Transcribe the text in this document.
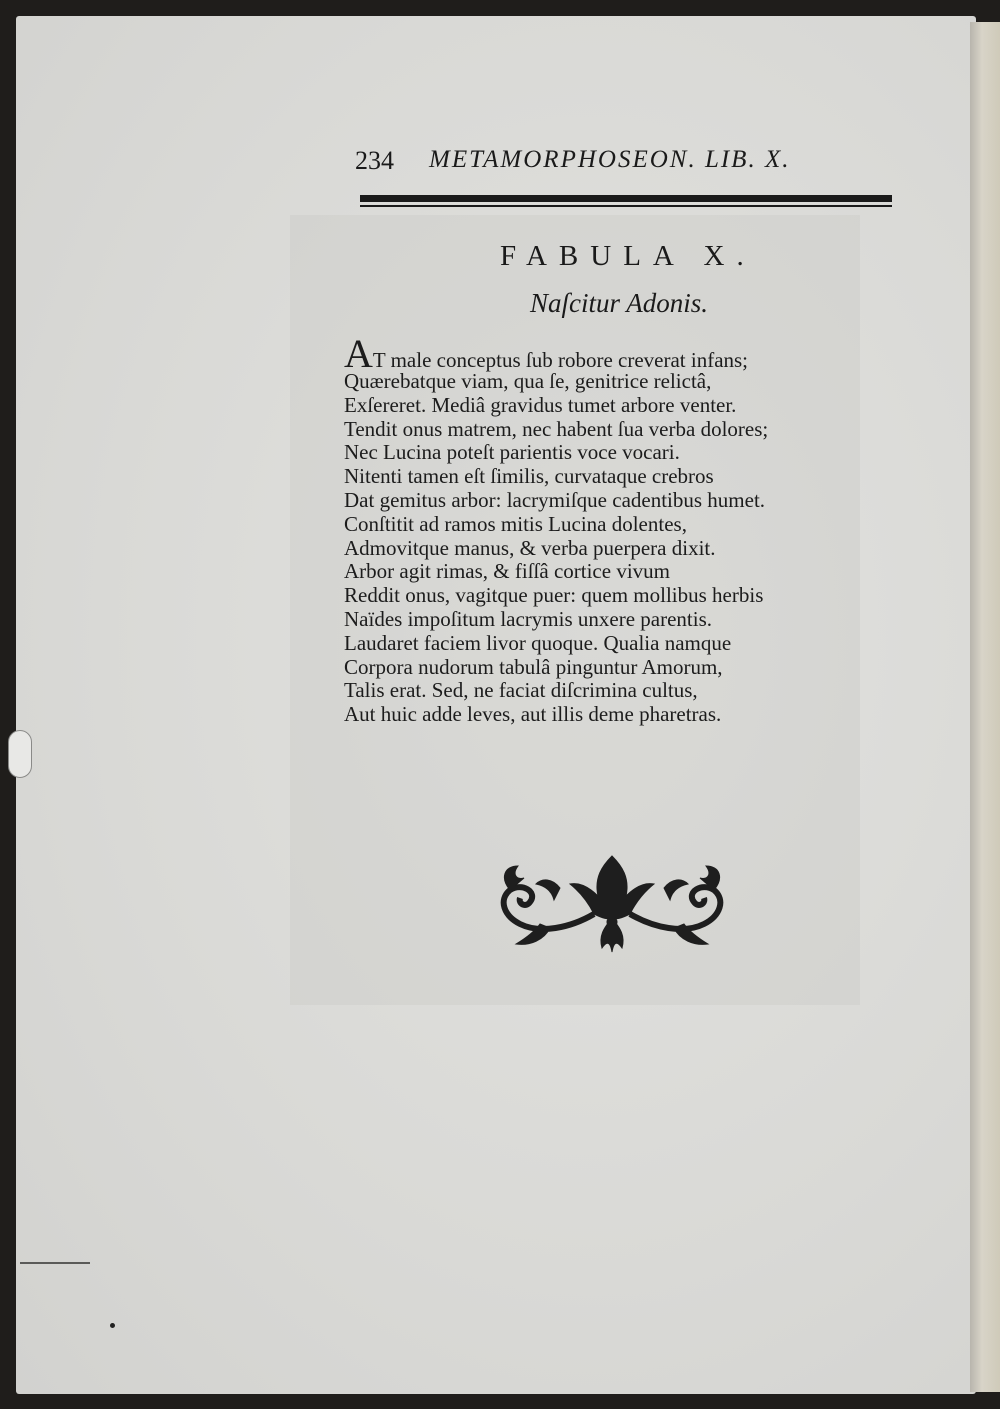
234 METAMORPHOSEON. LIB. X.
FABULA X.
Naſcitur Adonis.
AT male conceptus ſub robore creverat infans;
Quærebatque viam, qua ſe, genitrice relictâ,
Exſereret. Mediâ gravidus tumet arbore venter.
Tendit onus matrem, nec habent ſua verba dolores;
Nec Lucina poteſt parientis voce vocari.
Nitenti tamen eſt ſimilis, curvataque crebros
Dat gemitus arbor: lacrymiſque cadentibus humet.
Conſtitit ad ramos mitis Lucina dolentes,
Admovitque manus, & verba puerpera dixit.
Arbor agit rimas, & fiſſâ cortice vivum
Reddit onus, vagitque puer: quem mollibus herbis
Naïdes impoſitum lacrymis unxere parentis.
Laudaret faciem livor quoque. Qualia namque
Corpora nudorum tabulâ pinguntur Amorum,
Talis erat. Sed, ne faciat diſcrimina cultus,
Aut huic adde leves, aut illis deme pharetras.
